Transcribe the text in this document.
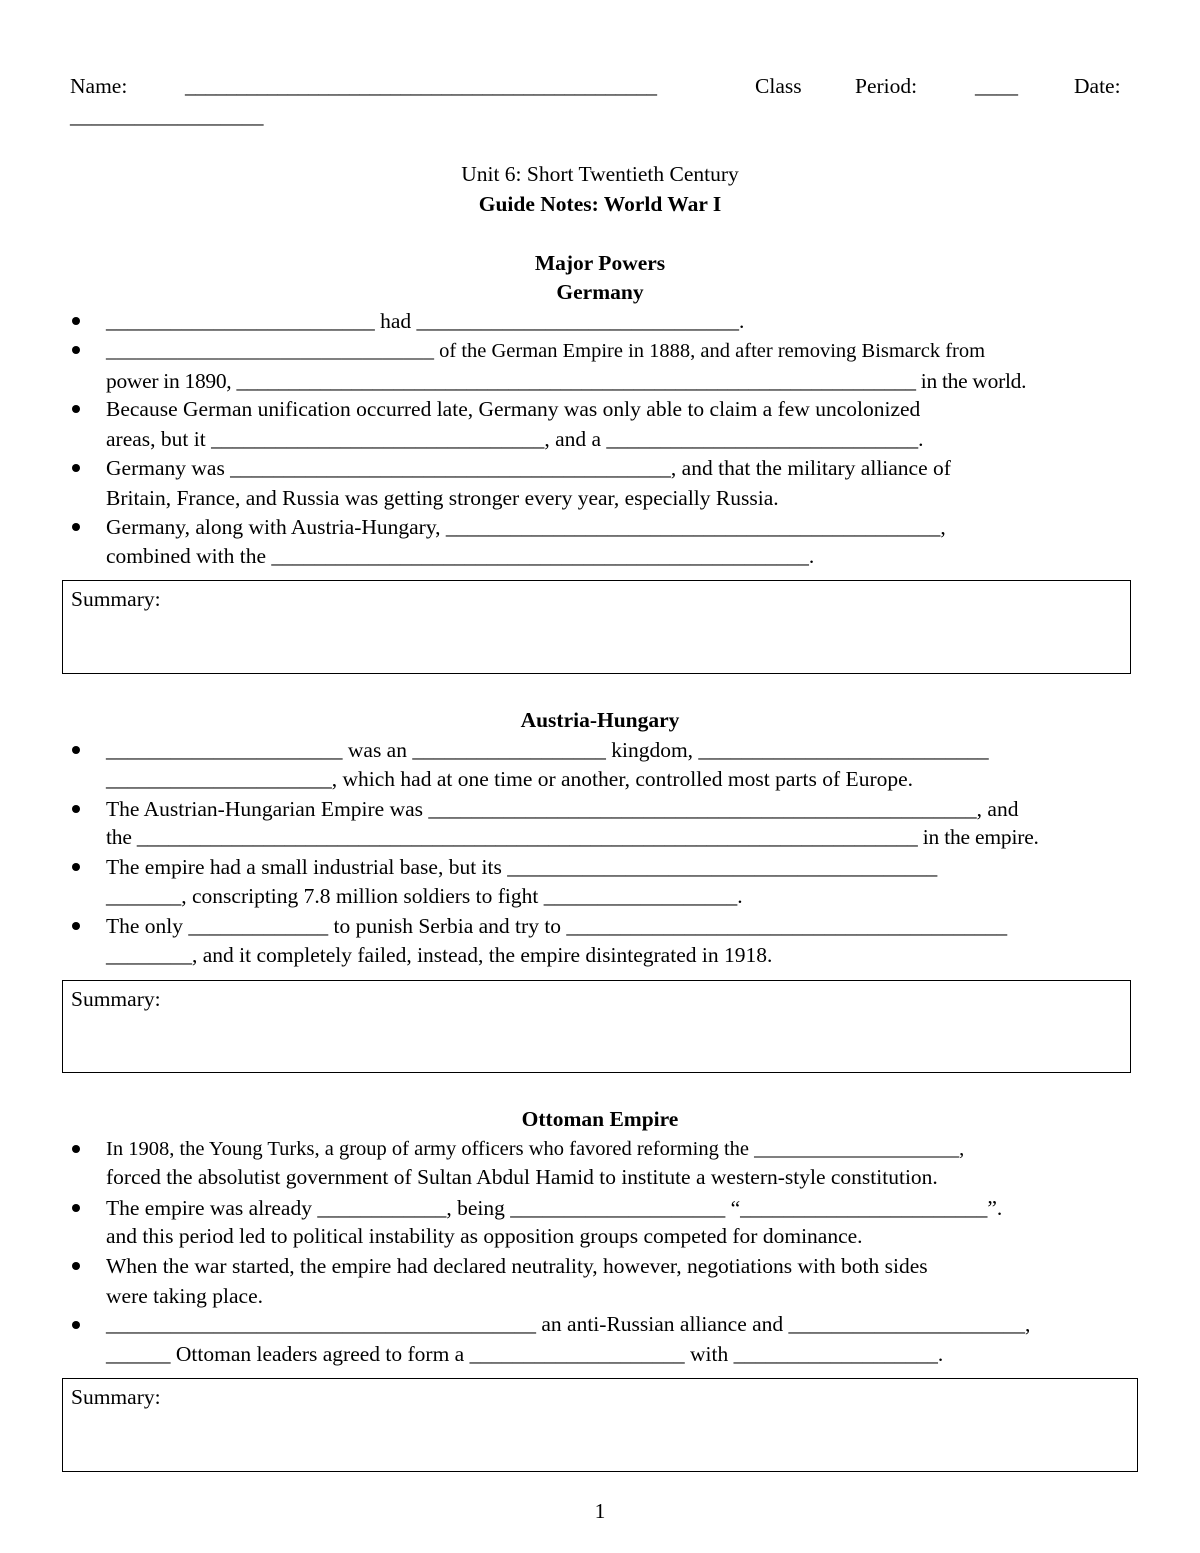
Name:	______________________________________________	Class Period:	____	Date:
__________________
Unit 6: Short Twentieth Century
Guide Notes: World War I
Major Powers
Germany
_________________________ had ______________________________.
________________________________ of the German Empire in 1888, and after removing Bismarck from
power in 1890, _________________________________________________________________ in the world.
Because German unification occurred late, Germany was only able to claim a few uncolonized
areas, but it _______________________________, and a _____________________________.
Germany was _________________________________________, and that the military alliance of
Britain, France, and Russia was getting stronger every year, especially Russia.
Germany, along with Austria-Hungary, ______________________________________________,
combined with the __________________________________________________.
Summary:
Austria-Hungary
______________________ was an __________________ kingdom, ___________________________
_____________________, which had at one time or another, controlled most parts of Europe.
The Austrian-Hungarian Empire was ___________________________________________________, and
the __________________________________________________________________________ in the empire.
The empire had a small industrial base, but its ________________________________________
_______, conscripting 7.8 million soldiers to fight __________________.
The only _____________ to punish Serbia and try to _________________________________________
________, and it completely failed, instead, the empire disintegrated in 1918.
Summary:
Ottoman Empire
In 1908, the Young Turks, a group of army officers who favored reforming the ____________________,
forced the absolutist government of Sultan Abdul Hamid to institute a western-style constitution.
The empire was already ____________, being ____________________ “_______________________”.
and this period led to political instability as opposition groups competed for dominance.
When the war started, the empire had declared neutrality, however, negotiations with both sides
were taking place.
________________________________________ an anti-Russian alliance and ______________________,
______ Ottoman leaders agreed to form a ____________________ with ___________________.
Summary:
1
